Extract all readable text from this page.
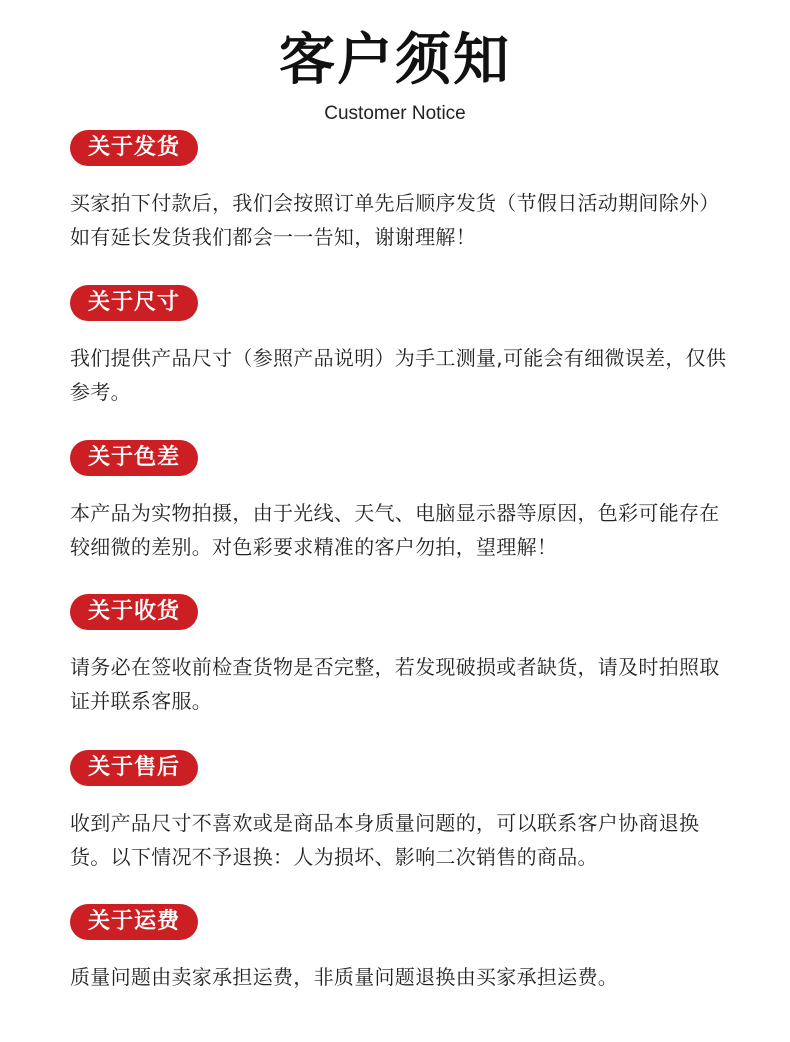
客户须知
Customer Notice
关于发货
买家拍下付款后，我们会按照订单先后顺序发货（节假日活动期间除外）如有延长发货我们都会一一告知，谢谢理解！
关于尺寸
我们提供产品尺寸（参照产品说明）为手工测量,可能会有细微误差，仅供参考。
关于色差
本产品为实物拍摄，由于光线、天气、电脑显示器等原因，色彩可能存在较细微的差别。对色彩要求精准的客户勿拍，望理解！
关于收货
请务必在签收前检查货物是否完整，若发现破损或者缺货，请及时拍照取证并联系客服。
关于售后
收到产品尺寸不喜欢或是商品本身质量问题的，可以联系客户协商退换货。以下情况不予退换：人为损坏、影响二次销售的商品。
关于运费
质量问题由卖家承担运费，非质量问题退换由买家承担运费。
